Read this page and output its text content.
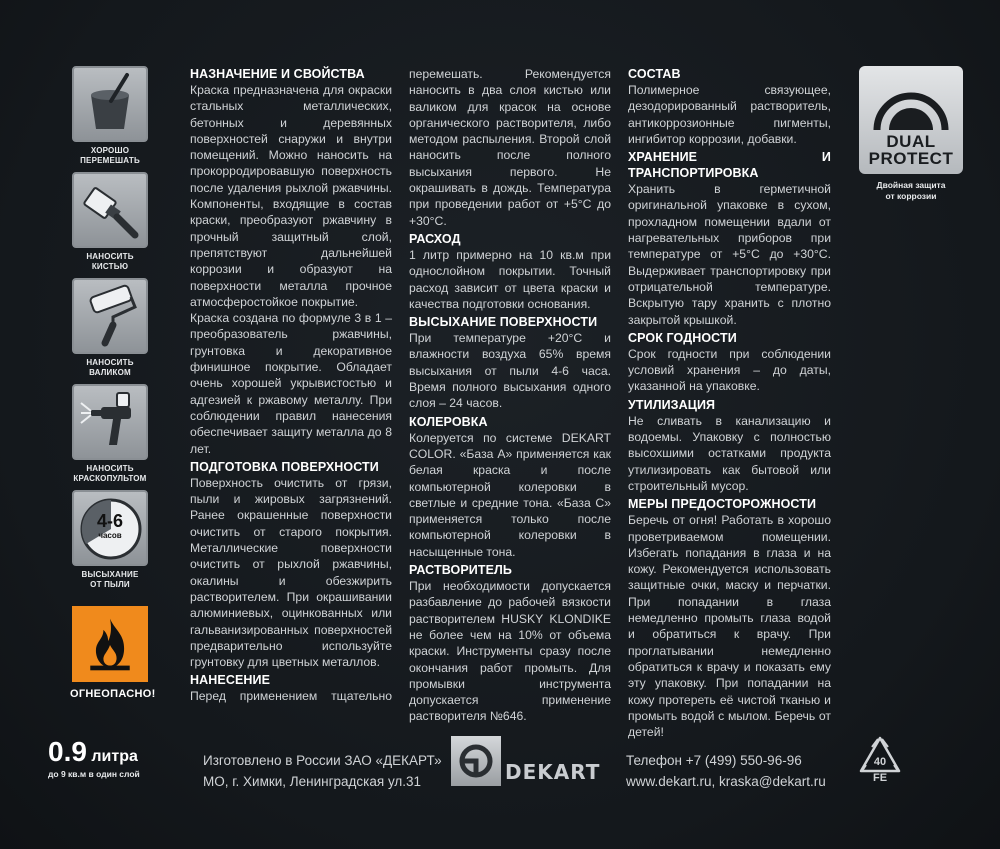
ХОРОШО
ПЕРЕМЕШАТЬ
НАНОСИТЬ
КИСТЬЮ
НАНОСИТЬ
ВАЛИКОМ
НАНОСИТЬ
КРАСКОПУЛЬТОМ
4-6
часов
ВЫСЫХАНИЕ
ОТ ПЫЛИ
ОГНЕОПАСНО!
НАЗНАЧЕНИЕ И СВОЙСТВА

Краска предназначена для окраски стальных металлических, бетонных и деревянных поверхностей снаружи и внутри помещений. Можно наносить на прокорродировавшую поверхность после удаления рыхлой ржавчины. Компоненты, входящие в состав краски, преобразуют ржавчину в прочный защитный слой, препятствуют дальнейшей коррозии и образуют на поверхности металла прочное атмосферостойкое покрытие.

Краска создана по формуле 3 в 1 – преобразователь ржавчины, грунтовка и декоративное финишное покрытие. Обладает очень хорошей укрывистостью и адгезией к ржавому металлу. При соблюдении правил нанесения обеспечивает защиту металла до 8 лет.

ПОДГОТОВКА ПОВЕРХНОСТИ

Поверхность очистить от грязи, пыли и жировых загрязнений. Ранее окрашенные поверхности очистить от старого покрытия. Металлические поверхности очистить от рыхлой ржавчины, окалины и обезжирить растворителем. При окрашивании алюминиевых, оцинкованных или гальванизированных поверхностей предварительно используйте грунтовку для цветных металлов.

НАНЕСЕНИЕ

Перед применением тщательно

перемешать. Рекомендуется наносить в два слоя кистью или валиком для красок на основе органического растворителя, либо методом распыления. Второй слой наносить после полного высыхания первого. Не окрашивать в дождь. Температура при проведении работ от +5°C до +30°C.

РАСХОД

1 литр примерно на 10 кв.м при однослойном покрытии. Точный расход зависит от цвета краски и качества подготовки основания.

ВЫСЫХАНИЕ ПОВЕРХНОСТИ

При температуре +20°C и влажности воздуха 65% время высыхания от пыли 4-6 часа. Время полного высыхания одного слоя – 24 часов.

КОЛЕРОВКА

Колеруется по системе DEKART COLOR. «База А» применяется как белая краска и после компьютерной колеровки в светлые и средние тона. «База С» применяется только после компьютерной колеровки в насыщенные тона.

РАСТВОРИТЕЛЬ

При необходимости допускается разбавление до рабочей вязкости растворителем HUSKY KLONDIKE не более чем на 10% от объема краски. Инструменты сразу после окончания работ промыть. Для промывки инструмента допускается применение растворителя №646.

СОСТАВ

Полимерное связующее, дезодорированный растворитель, антикоррозионные пигменты, ингибитор коррозии, добавки.

ХРАНЕНИЕ И ТРАНСПОРТИРОВКА

Хранить в герметичной оригинальной упаковке в сухом, прохладном помещении вдали от нагревательных приборов при температуре от +5°C до +30°C. Выдерживает транспортировку при отрицательной температуре. Вскрытую тару хранить с плотно закрытой крышкой.

СРОК ГОДНОСТИ

Срок годности при соблюдении условий хранения – до даты, указанной на упаковке.

УТИЛИЗАЦИЯ

Не сливать в канализацию и водоемы. Упаковку с полностью высохшими остатками продукта утилизировать как бытовой или строительный мусор.

МЕРЫ ПРЕДОСТОРОЖНОСТИ

Беречь от огня! Работать в хорошо проветриваемом помещении. Избегать попадания в глаза и на кожу. Рекомендуется использовать защитные очки, маску и перчатки. При попадании в глаза немедленно промыть глаза водой и обратиться к врачу. При проглатывании немедленно обратиться к врачу и показать ему эту упаковку. При попадании на кожу протереть её чистой тканью и промыть водой с мылом. Беречь от детей!

DUAL
PROTECT
Двойная защита
от коррозии
0.9 литра
до 9 кв.м в один слой
Изготовлено в России ЗАО «ДЕКАРТ»
МО, г. Химки, Ленинградская ул.31	DEKART Телефон +7 (499) 550-96-96
www.dekart.ru, kraska@dekart.ru
40
FE
